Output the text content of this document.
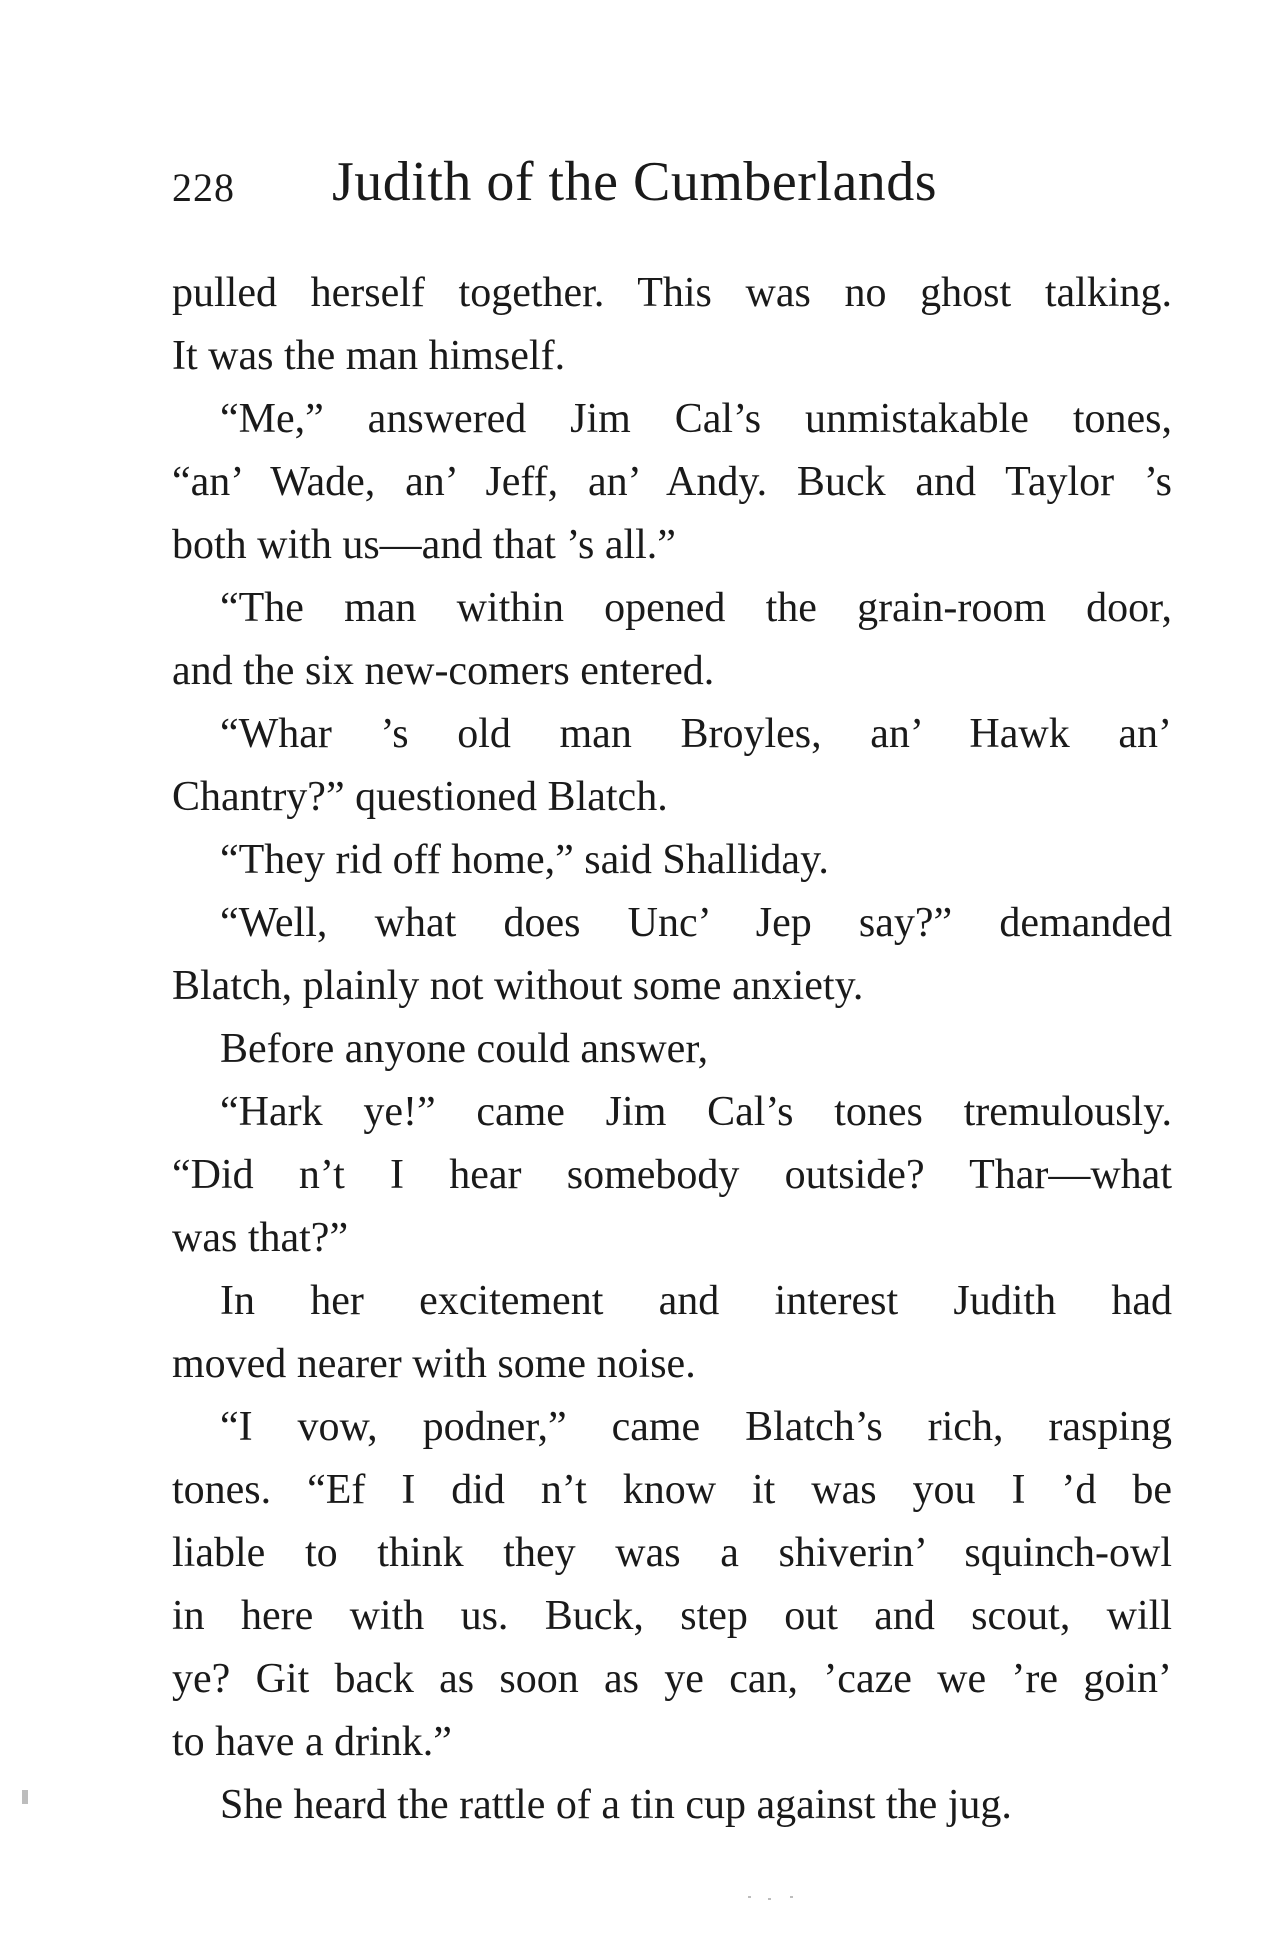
228 Judith of the Cumberlands
pulled herself together. This was no ghost talking.
It was the man himself.
“Me,” answered Jim Cal’s unmistakable tones,
“an’ Wade, an’ Jeff, an’ Andy. Buck and Taylor ’s
both with us—and that ’s all.”
“The man within opened the grain-room door,
and the six new-comers entered.
“Whar ’s old man Broyles, an’ Hawk an’
Chantry?” questioned Blatch.
“They rid off home,” said Shalliday.
“Well, what does Unc’ Jep say?” demanded
Blatch, plainly not without some anxiety.
Before anyone could answer,
“Hark ye!” came Jim Cal’s tones tremulously.
“Did n’t I hear somebody outside? Thar—what
was that?”
In her excitement and interest Judith had
moved nearer with some noise.
“I vow, podner,” came Blatch’s rich, rasping
tones. “Ef I did n’t know it was you I ’d be
liable to think they was a shiverin’ squinch-owl
in here with us. Buck, step out and scout, will
ye? Git back as soon as ye can, ’caze we ’re goin’
to have a drink.”
She heard the rattle of a tin cup against the jug.
